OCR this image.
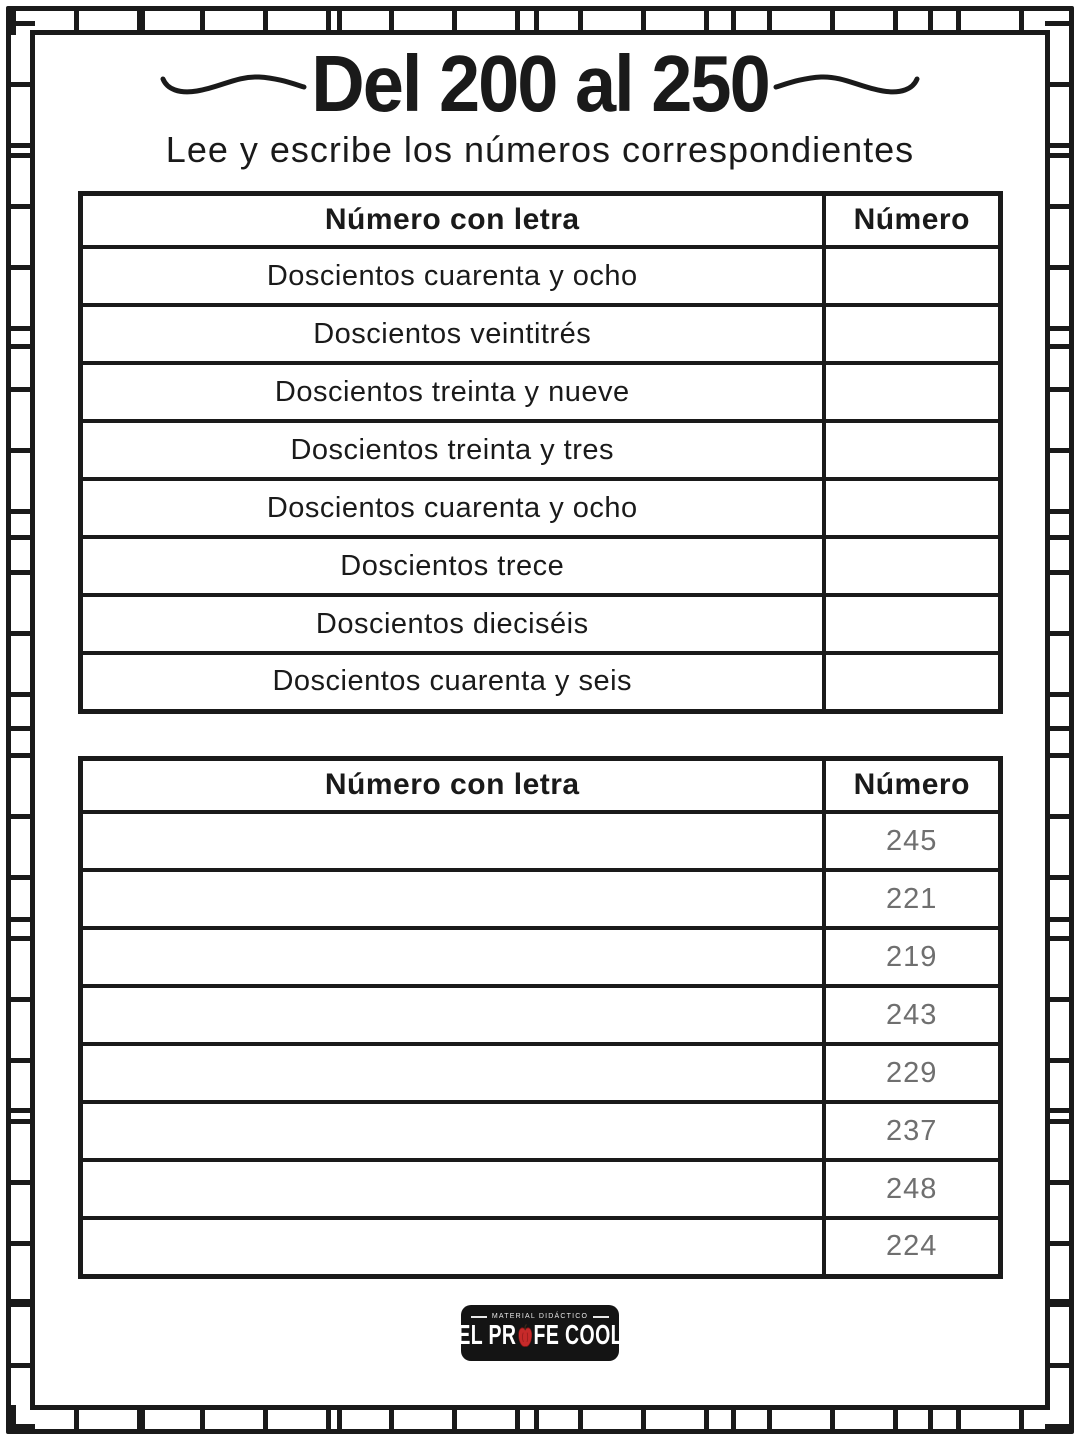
Del 200 al 250
Lee y escribe los números correspondientes
Número con letra	Número
Doscientos cuarenta y ocho	
Doscientos veintitrés	
Doscientos treinta y nueve	
Doscientos treinta y tres	
Doscientos cuarenta y ocho	
Doscientos trece	
Doscientos dieciséis	
Doscientos cuarenta y seis	
Número con letra	Número
	245
	221
	219
	243
	229
	237
	248
	224
MATERIAL DIDÁCTICO
EL PR FE COOL
